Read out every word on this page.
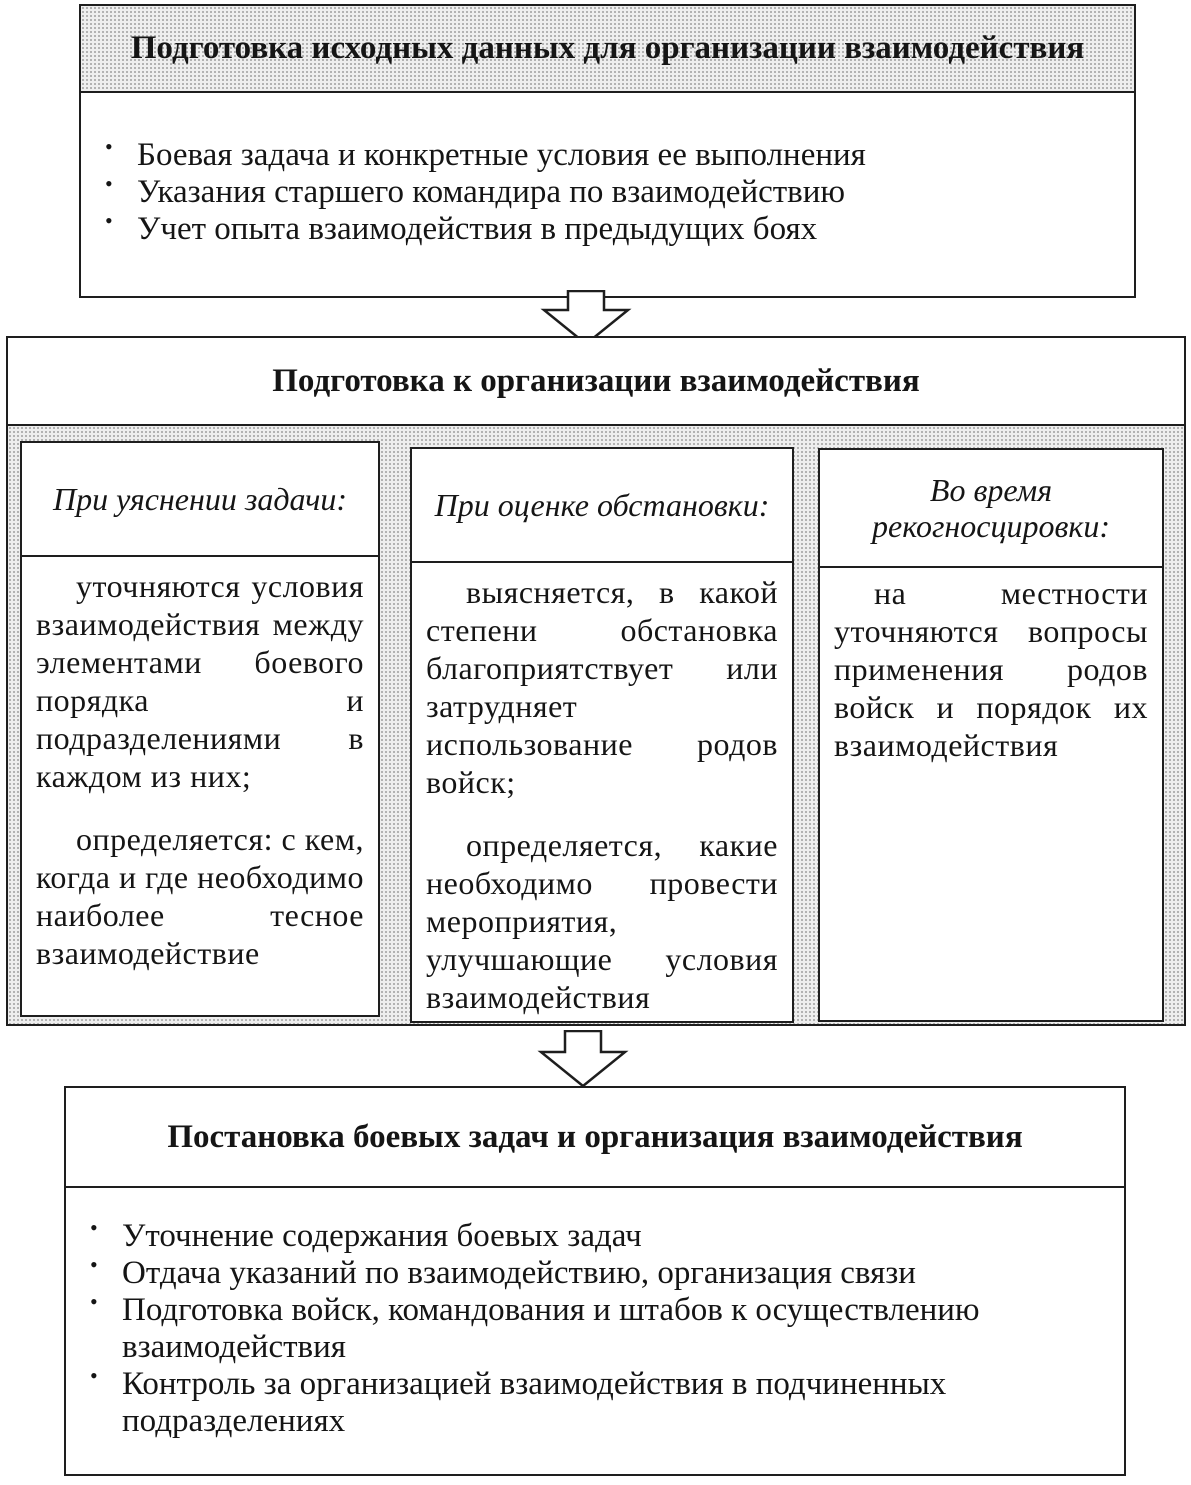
Подготовка исходных данных для организации взаимодействия
• Боевая задача и конкретные условия ее выполнения
• Указания старшего командира по взаимодействию
• Учет опыта взаимодействия в предыдущих боях
Подготовка к организации взаимодействия
При уяснении задачи:

уточняются условия взаимодействия между элементами боевого порядка и подразделениями в каждом из них;

определяется: с кем, когда и где необходимо наиболее тесное взаимодействие

При оценке обстановки:

выясняется, в какой степени обстановка благоприятствует или затрудняет использование родов войск;

определяется, какие необходимо провести мероприятия, улучшающие условия взаимодействия

Во время рекогносцировки:

на местности уточняются вопросы применения родов войск и порядок их взаимодействия

Постановка боевых задач и организация взаимодействия
• Уточнение содержания боевых задач
• Отдача указаний по взаимодействию, организация связи
• Подготовка войск, командования и штабов к осуществлению взаимодействия
• Контроль за организацией взаимодействия в подчиненных подразделениях
